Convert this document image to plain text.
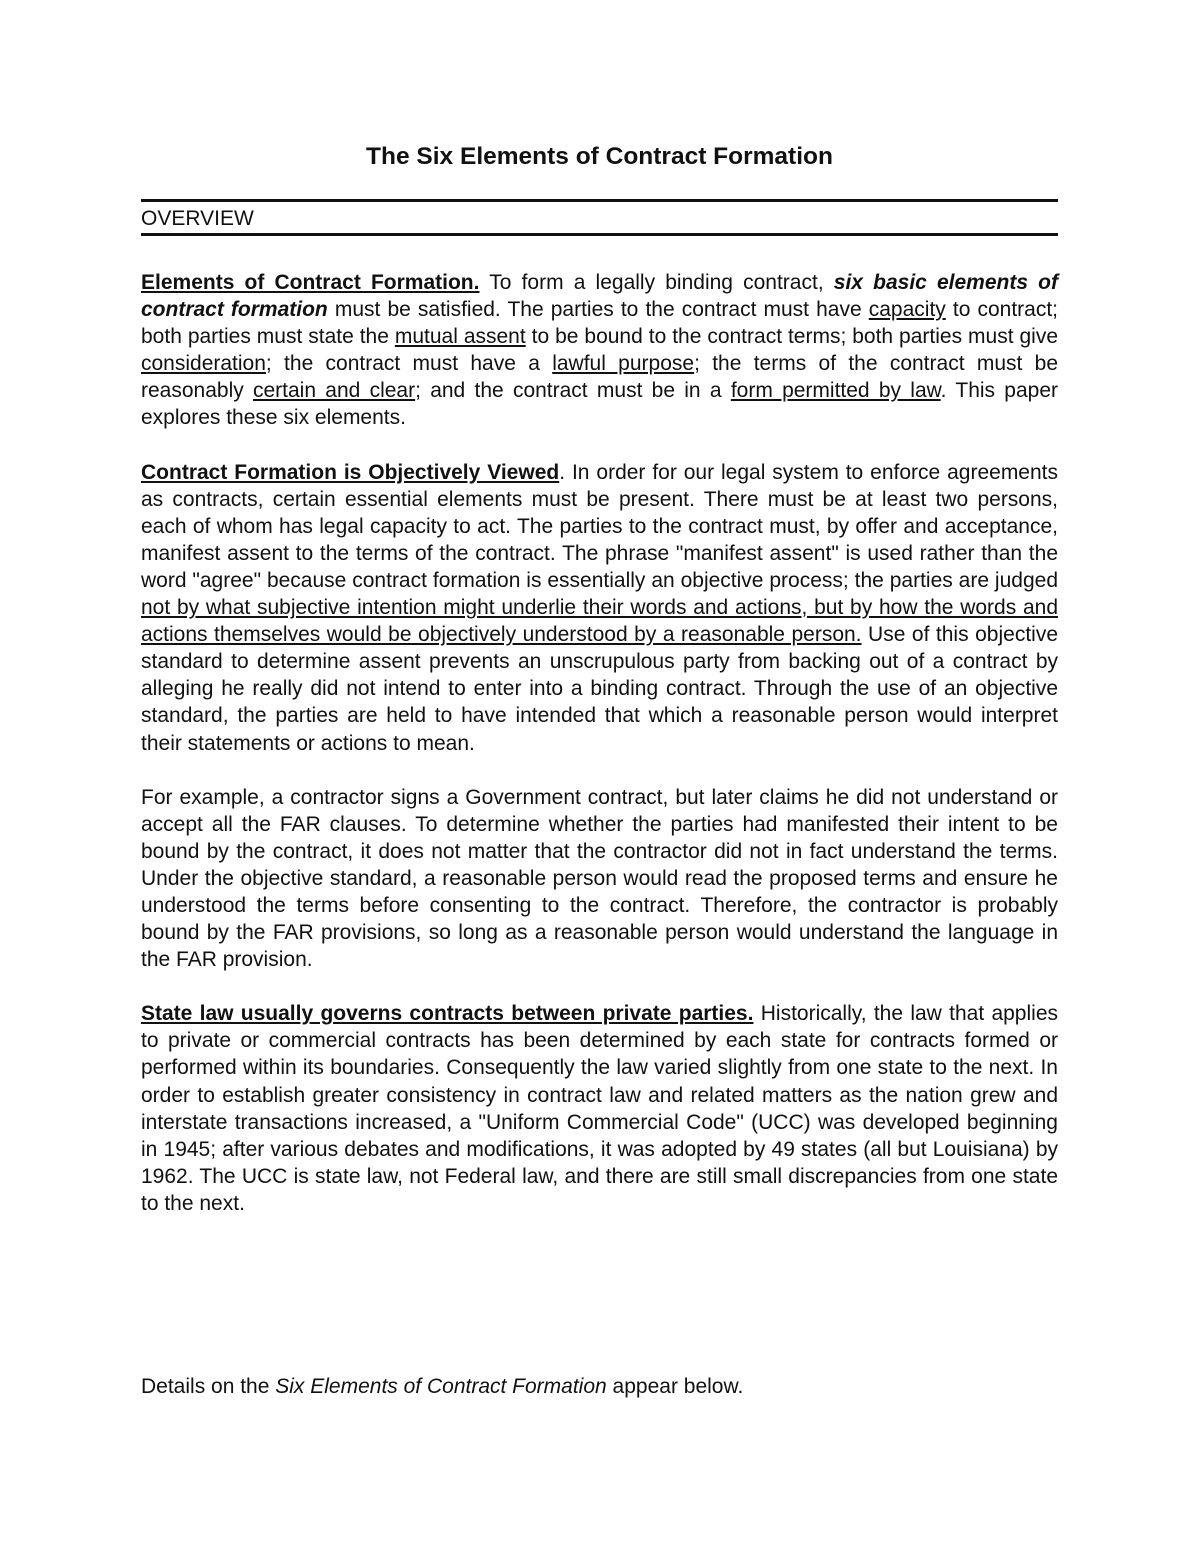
The Six Elements of Contract Formation

OVERVIEW

Elements of Contract Formation. To form a legally binding contract, six basic elements of contract formation must be satisfied. The parties to the contract must have capacity to contract; both parties must state the mutual assent to be bound to the contract terms; both parties must give consideration; the contract must have a lawful purpose; the terms of the contract must be reasonably certain and clear; and the contract must be in a form permitted by law. This paper explores these six elements.

Contract Formation is Objectively Viewed. In order for our legal system to enforce agreements as contracts, certain essential elements must be present. There must be at least two persons, each of whom has legal capacity to act. The parties to the contract must, by offer and acceptance, manifest assent to the terms of the contract. The phrase "manifest assent" is used rather than the word "agree" because contract formation is essentially an objective process; the parties are judged not by what subjective intention might underlie their words and actions, but by how the words and actions themselves would be objectively understood by a reasonable person. Use of this objective standard to determine assent prevents an unscrupulous party from backing out of a contract by alleging he really did not intend to enter into a binding contract. Through the use of an objective standard, the parties are held to have intended that which a reasonable person would interpret their statements or actions to mean.

For example, a contractor signs a Government contract, but later claims he did not understand or accept all the FAR clauses. To determine whether the parties had manifested their intent to be bound by the contract, it does not matter that the contractor did not in fact understand the terms. Under the objective standard, a reasonable person would read the proposed terms and ensure he understood the terms before consenting to the contract. Therefore, the contractor is probably bound by the FAR provisions, so long as a reasonable person would understand the language in the FAR provision.

State law usually governs contracts between private parties. Historically, the law that applies to private or commercial contracts has been determined by each state for contracts formed or performed within its boundaries. Consequently the law varied slightly from one state to the next. In order to establish greater consistency in contract law and related matters as the nation grew and interstate transactions increased, a "Uniform Commercial Code" (UCC) was developed beginning in 1945; after various debates and modifications, it was adopted by 49 states (all but Louisiana) by 1962. The UCC is state law, not Federal law, and there are still small discrepancies from one state to the next.

Details on the Six Elements of Contract Formation appear below.
